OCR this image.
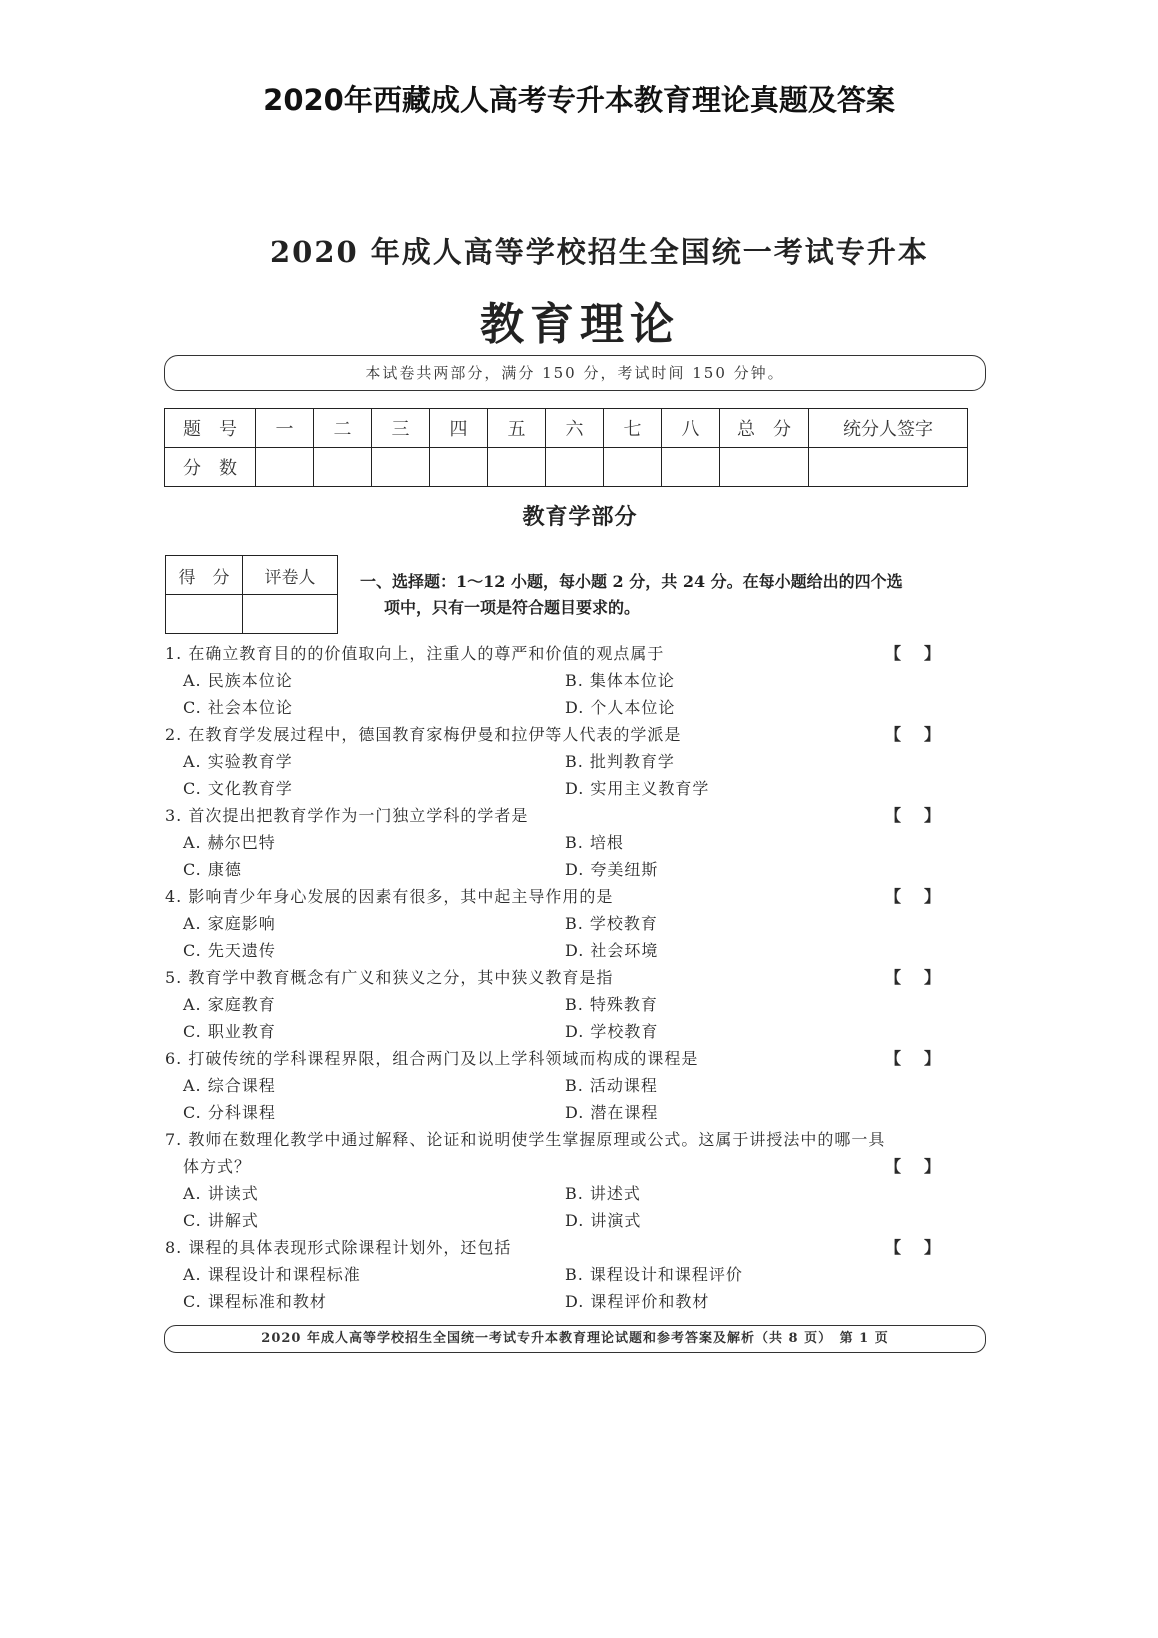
2020年西藏成人高考专升本教育理论真题及答案
2020 年成人高等学校招生全国统一考试专升本
教育理论
本试卷共两部分，满分 150 分，考试时间 150 分钟。
题　号	一	二	三	四	五	六	七	八	总　分	统分人签字
分　数										
教育学部分
得　分	评卷人
		一、选择题：1～12 小题，每小题 2 分，共 24 分。在每小题给出的四个选
项中，只有一项是符合题目要求的。
1. 在确立教育目的的价值取向上，注重人的尊严和价值的观点属于	【 】
A. 民族本位论	B. 集体本位论
C. 社会本位论	D. 个人本位论
2. 在教育学发展过程中，德国教育家梅伊曼和拉伊等人代表的学派是	【 】
A. 实验教育学	B. 批判教育学
C. 文化教育学	D. 实用主义教育学
3. 首次提出把教育学作为一门独立学科的学者是	【 】
A. 赫尔巴特	B. 培根
C. 康德	D. 夸美纽斯
4. 影响青少年身心发展的因素有很多，其中起主导作用的是	【 】
A. 家庭影响	B. 学校教育
C. 先天遗传	D. 社会环境
5. 教育学中教育概念有广义和狭义之分，其中狭义教育是指	【 】
A. 家庭教育	B. 特殊教育
C. 职业教育	D. 学校教育
6. 打破传统的学科课程界限，组合两门及以上学科领域而构成的课程是	【 】
A. 综合课程	B. 活动课程
C. 分科课程	D. 潜在课程
7. 教师在数理化教学中通过解释、论证和说明使学生掌握原理或公式。这属于讲授法中的哪一具
体方式？	【 】
A. 讲读式	B. 讲述式
C. 讲解式	D. 讲演式
8. 课程的具体表现形式除课程计划外，还包括	【 】
A. 课程设计和课程标准	B. 课程设计和课程评价
C. 课程标准和教材	D. 课程评价和教材
2020 年成人高等学校招生全国统一考试专升本教育理论试题和参考答案及解析（共 8 页）　第 1 页
